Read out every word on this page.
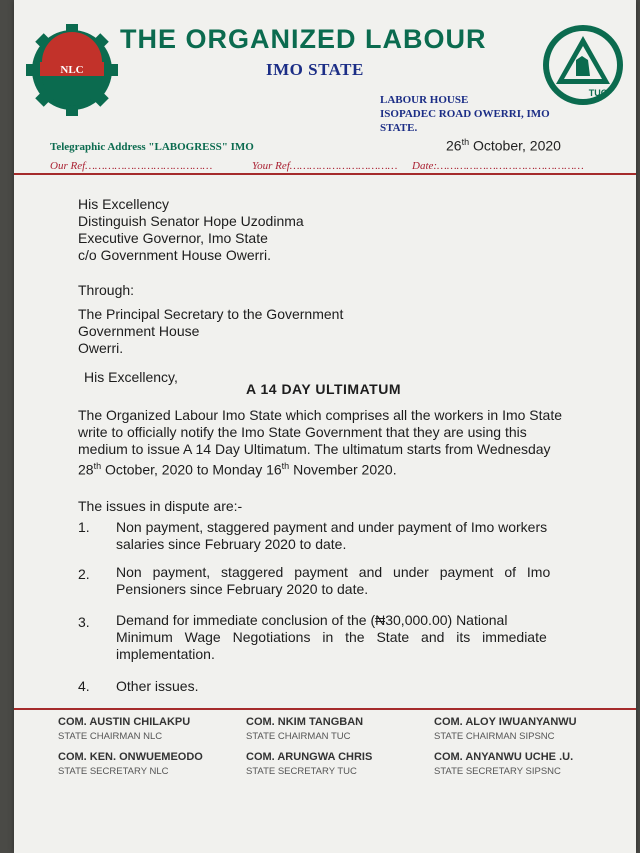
NLC
TUC
THE ORGANIZED LABOUR
IMO STATE
LABOUR HOUSE
ISOPADEC ROAD OWERRI, IMO
STATE.
Telegraphic Address "LABOGRESS" IMO	26th October, 2020
Our Ref…………………………………	Your Ref…………………………… Date:………………………………………
His Excellency
Distinguish Senator Hope Uzodinma
Executive Governor, Imo State
c/o Government House Owerri.
Through:
The Principal Secretary to the Government
Government House
Owerri.
His Excellency,
A 14 DAY ULTIMATUM
The Organized Labour Imo State which comprises all the workers in Imo State
write to officially notify the Imo State Government that they are using this
medium to issue A 14 Day Ultimatum. The ultimatum starts from Wednesday
28th October, 2020 to Monday 16th November 2020.
The issues in dispute are:-
1. Non payment, staggered payment and under payment of Imo workers
salaries since February 2020 to date.
2. Non payment, staggered payment and under payment of Imo
Pensioners since February 2020 to date.
3. Demand for immediate conclusion of the (₦30,000.00) National
Minimum Wage Negotiations in the State and its immediate
implementation.
4. Other issues.
COM. AUSTIN CHILAKPU
STATE CHAIRMAN NLC
COM. NKIM TANGBAN
STATE CHAIRMAN TUC
COM. ALOY IWUANYANWU
STATE CHAIRMAN SIPSNC
COM. KEN. ONWUEMEODO
STATE SECRETARY NLC
COM. ARUNGWA CHRIS
STATE SECRETARY TUC
COM. ANYANWU UCHE .U.
STATE SECRETARY SIPSNC
